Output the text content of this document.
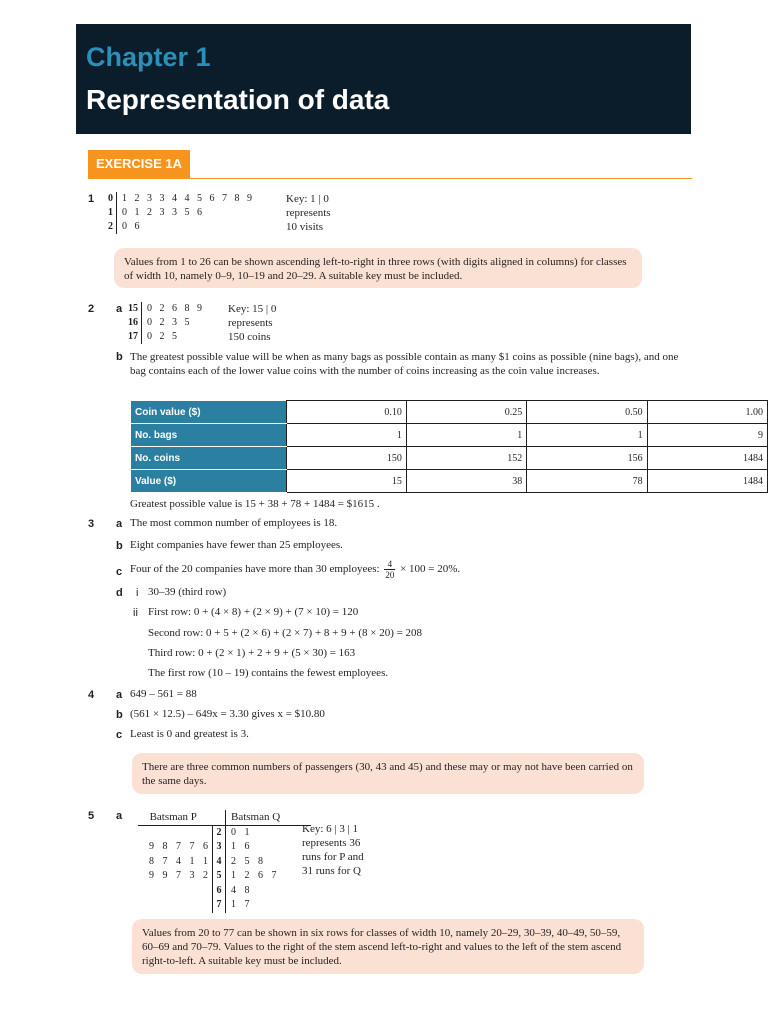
Chapter 1
Representation of data
EXERCISE 1A
1 0	1 2 3 3 4 4 5 6 7 8 9
1	0 1 2 3 3 5 6
2	0 6
Key: 1 | 0
represents
10 visits
Values from 1 to 26 can be shown ascending left-to-right in three rows (with digits aligned in columns) for classes of width 10, namely 0–9, 10–19 and 20–29. A suitable key must be included.
2 a 15	0 2 6 8 9
16	0 2 3 5
17	0 2 5
Key: 15 | 0
represents
150 coins
b The greatest possible value will be when as many bags as possible contain as many $1 coins as possible (nine bags), and one bag contains each of the lower value coins with the number of coins increasing as the coin value increases.
Coin value ($)	0.10	0.25	0.50	1.00
No. bags	1	1	1	9
No. coins	150	152	156	1484
Value ($)	15	38	78	1484
Greatest possible value is 15 + 38 + 78 + 1484 = $1615 .
3 a The most common number of employees is 18.
b Eight companies have fewer than 25 employees.
c Four of the 20 companies have more than 30 employees: $\frac{4}{20} \times 100 = 20\%$.
d i 30–39 (third row)
ii First row: 0 + (4 × 8) + (2 × 9) + (7 × 10) = 120
Second row: 0 + 5 + (2 × 6) + (2 × 7) + 8 + 9 + (8 × 20) = 208
Third row: 0 + (2 × 1) + 2 + 9 + (5 × 30) = 163
The first row (10 – 19) contains the fewest employees.
4 a 649 – 561 = 88
b (561 × 12.5) – 649x = 3.30 gives x = $10.80
c Least is 0 and greatest is 3.
There are three common numbers of passengers (30, 43 and 45) and these may or may not have been carried on the same days.
5 a Batsman P		Batsman Q
	2	0 1
9 8 7 7 6	3	1 6
8 7 4 1 1	4	2 5 8
9 9 7 3 2	5	1 2 6 7
	6	4 8
	7	1 7
Key: 6 | 3 | 1
represents 36
runs for P and
31 runs for Q
Values from 20 to 77 can be shown in six rows for classes of width 10, namely 20–29, 30–39, 40–49, 50–59, 60–69 and 70–79. Values to the right of the stem ascend left-to-right and values to the left of the stem ascend right-to-left. A suitable key must be included.
